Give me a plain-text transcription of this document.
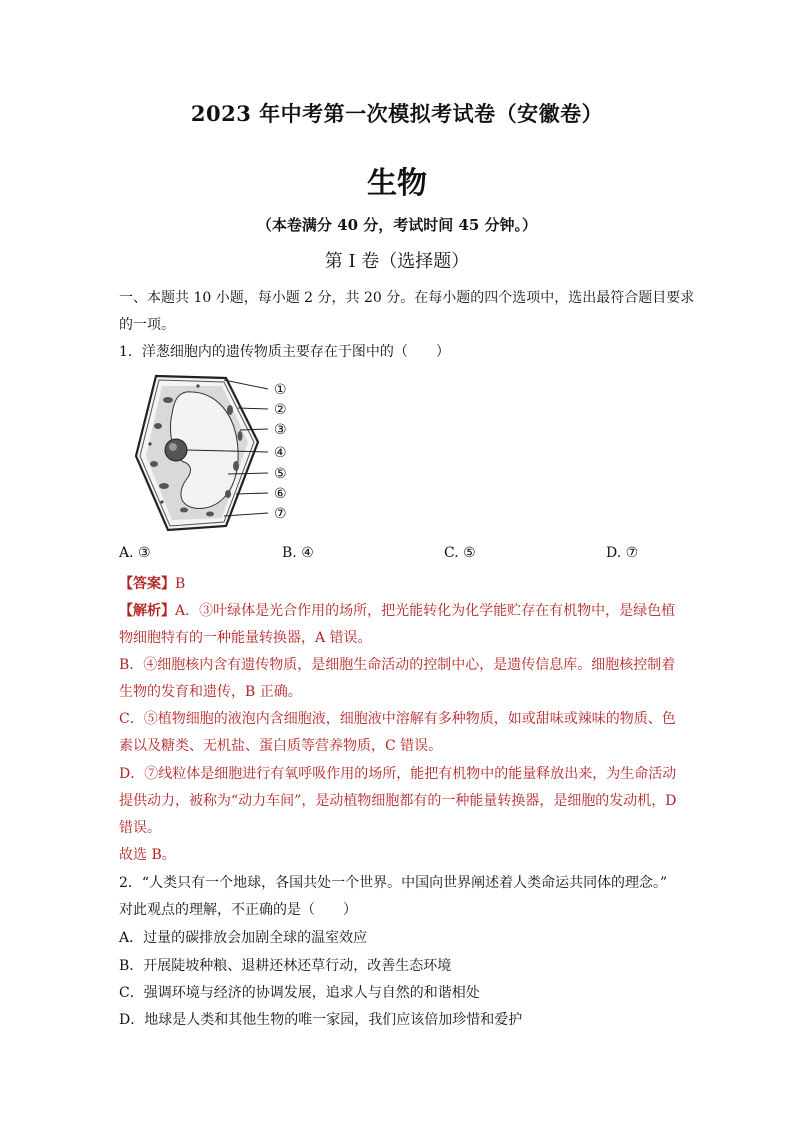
2023 年中考第一次模拟考试卷（安徽卷）
生物
（本卷满分 40 分，考试时间 45 分钟。）
第 I 卷（选择题）
一、本题共 10 小题，每小题 2 分，共 20 分。在每小题的四个选项中，选出最符合题目要求
的一项。
1．洋葱细胞内的遗传物质主要存在于图中的（　　）
①
②
③
④
⑤
⑥
⑦
A. ③	B. ④	C. ⑤	D. ⑦
【答案】B
【解析】A．③叶绿体是光合作用的场所，把光能转化为化学能贮存在有机物中，是绿色植
物细胞特有的一种能量转换器，A 错误。
B．④细胞核内含有遗传物质，是细胞生命活动的控制中心，是遗传信息库。细胞核控制着
生物的发育和遗传，B 正确。
C．⑤植物细胞的液泡内含细胞液，细胞液中溶解有多种物质，如或甜味或辣味的物质、色
素以及糖类、无机盐、蛋白质等营养物质，C 错误。
D．⑦线粒体是细胞进行有氧呼吸作用的场所，能把有机物中的能量释放出来，为生命活动
提供动力，被称为“动力车间”，是动植物细胞都有的一种能量转换器，是细胞的发动机，D
错误。
故选 B。
2．“人类只有一个地球，各国共处一个世界。中国向世界阐述着人类命运共同体的理念。”
对此观点的理解，不正确的是（　　）
A．过量的碳排放会加剧全球的温室效应
B．开展陡坡种粮、退耕还林还草行动，改善生态环境
C．强调环境与经济的协调发展，追求人与自然的和谐相处
D．地球是人类和其他生物的唯一家园，我们应该倍加珍惜和爱护
